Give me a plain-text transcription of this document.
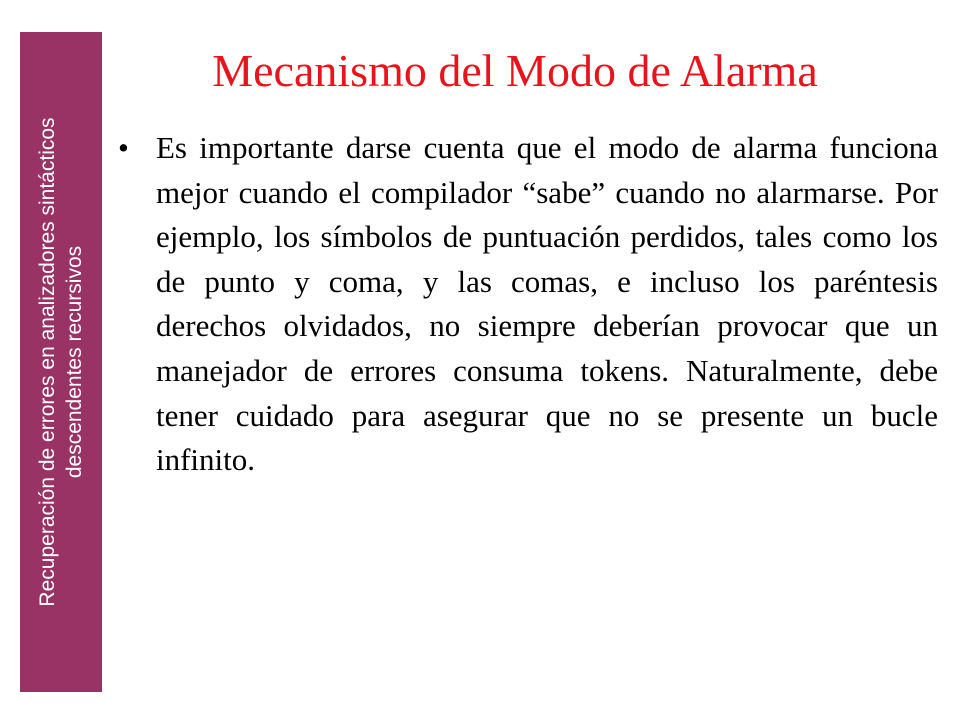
Recuperación de errores en analizadores sintácticos descendentes recursivos
Mecanismo del Modo de Alarma
• Es importante darse cuenta que el modo de alarma funciona mejor cuando el compilador “sabe” cuando no alarmarse. Por ejemplo, los símbolos de puntuación perdidos, tales como los de punto y coma, y las comas, e incluso los paréntesis derechos olvidados, no siempre deberían provocar que un manejador de errores consuma tokens. Naturalmente, debe tener cuidado para asegurar que no se presente un bucle infinito.
